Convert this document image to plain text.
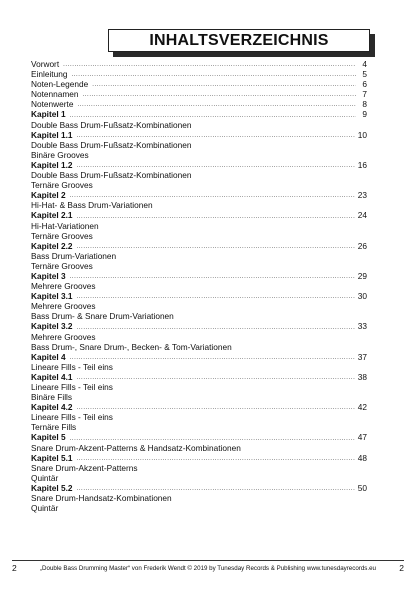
INHALTSVERZEICHNIS
Vorwort .....	4
Einleitung .....	5
Noten-Legende .....	6
Notennamen .....	7
Notenwerte .....	8
Kapitel 1 .....	9
Double Bass Drum-Fußsatz-Kombinationen
Kapitel 1.1 .....	10
Double Bass Drum-Fußsatz-Kombinationen
Binäre Grooves
Kapitel 1.2 .....	16
Double Bass Drum-Fußsatz-Kombinationen
Ternäre Grooves
Kapitel 2 .....	23
Hi-Hat- & Bass Drum-Variationen
Kapitel 2.1 .....	24
Hi-Hat-Variationen
Ternäre Grooves
Kapitel 2.2 .....	26
Bass Drum-Variationen
Ternäre Grooves
Kapitel 3 .....	29
Mehrere Grooves
Kapitel 3.1 .....	30
Mehrere Grooves
Bass Drum- & Snare Drum-Variationen
Kapitel 3.2 .....	33
Mehrere Grooves
Bass Drum-, Snare Drum-, Becken- & Tom-Variationen
Kapitel 4 .....	37
Lineare Fills - Teil eins
Kapitel 4.1 .....	38
Lineare Fills - Teil eins
Binäre Fills
Kapitel 4.2 .....	42
Lineare Fills - Teil eins
Ternäre Fills
Kapitel 5 .....	47
Snare Drum-Akzent-Patterns & Handsatz-Kombinationen
Kapitel 5.1 .....	48
Snare Drum-Akzent-Patterns
Quintär
Kapitel 5.2 .....	50
Snare Drum-Handsatz-Kombinationen
Quintär
2	„Double Bass Drumming Master“ von Frederik Wendt © 2019 by Tunesday Records & Publishing www.tunesdayrecords.eu	2
